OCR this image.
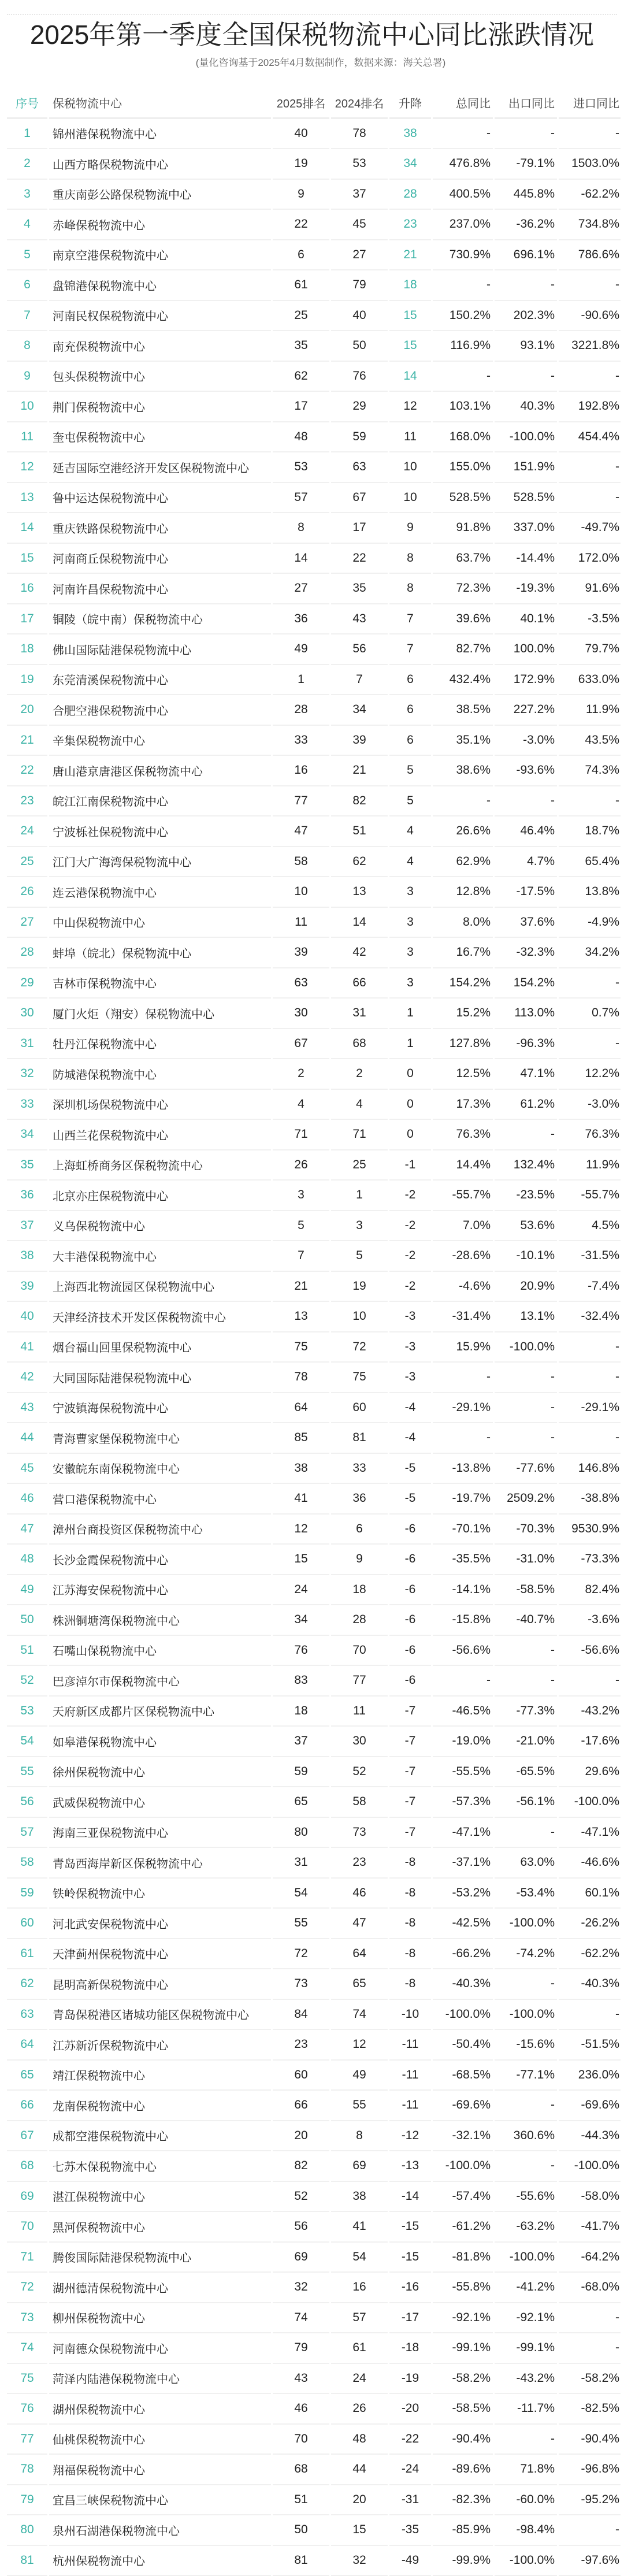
2025年第一季度全国保税物流中心同比涨跌情况
(量化咨询基于2025年4月数据制作，数据来源：海关总署)
序号	保税物流中心	2025排名 2024排名	升降	总同比	出口同比	进口同比
1	锦州港保税物流中心	40	78	38	-	-	-
2	山西方略保税物流中心	19	53	34	476.8%	-79.1%	1503.0%
3	重庆南彭公路保税物流中心	9	37	28	400.5%	445.8%	-62.2%
4	赤峰保税物流中心	22	45	23	237.0%	-36.2%	734.8%
5	南京空港保税物流中心	6	27	21	730.9%	696.1%	786.6%
6	盘锦港保税物流中心	61	79	18	-	-	-
7	河南民权保税物流中心	25	40	15	150.2%	202.3%	-90.6%
8	南充保税物流中心	35	50	15	116.9%	93.1%	3221.8%
9	包头保税物流中心	62	76	14	-	-	-
10	荆门保税物流中心	17	29	12	103.1%	40.3%	192.8%
11	奎屯保税物流中心	48	59	11	168.0%	-100.0%	454.4%
12	延吉国际空港经济开发区保税物流中心	53	63	10	155.0%	151.9%	-
13	鲁中运达保税物流中心	57	67	10	528.5%	528.5%	-
14	重庆铁路保税物流中心	8	17	9	91.8%	337.0%	-49.7%
15	河南商丘保税物流中心	14	22	8	63.7%	-14.4%	172.0%
16	河南许昌保税物流中心	27	35	8	72.3%	-19.3%	91.6%
17	铜陵（皖中南）保税物流中心	36	43	7	39.6%	40.1%	-3.5%
18	佛山国际陆港保税物流中心	49	56	7	82.7%	100.0%	79.7%
19	东莞清溪保税物流中心	1	7	6	432.4%	172.9%	633.0%
20	合肥空港保税物流中心	28	34	6	38.5%	227.2%	11.9%
21	辛集保税物流中心	33	39	6	35.1%	-3.0%	43.5%
22	唐山港京唐港区保税物流中心	16	21	5	38.6%	-93.6%	74.3%
23	皖江江南保税物流中心	77	82	5	-	-	-
24	宁波栎社保税物流中心	47	51	4	26.6%	46.4%	18.7%
25	江门大广海湾保税物流中心	58	62	4	62.9%	4.7%	65.4%
26	连云港保税物流中心	10	13	3	12.8%	-17.5%	13.8%
27	中山保税物流中心	11	14	3	8.0%	37.6%	-4.9%
28	蚌埠（皖北）保税物流中心	39	42	3	16.7%	-32.3%	34.2%
29	吉林市保税物流中心	63	66	3	154.2%	154.2%	-
30	厦门火炬（翔安）保税物流中心	30	31	1	15.2%	113.0%	0.7%
31	牡丹江保税物流中心	67	68	1	127.8%	-96.3%	-
32	防城港保税物流中心	2	2	0	12.5%	47.1%	12.2%
33	深圳机场保税物流中心	4	4	0	17.3%	61.2%	-3.0%
34	山西兰花保税物流中心	71	71	0	76.3%	-	76.3%
35	上海虹桥商务区保税物流中心	26	25	-1	14.4%	132.4%	11.9%
36	北京亦庄保税物流中心	3	1	-2	-55.7%	-23.5%	-55.7%
37	义乌保税物流中心	5	3	-2	7.0%	53.6%	4.5%
38	大丰港保税物流中心	7	5	-2	-28.6%	-10.1%	-31.5%
39	上海西北物流园区保税物流中心	21	19	-2	-4.6%	20.9%	-7.4%
40	天津经济技术开发区保税物流中心	13	10	-3	-31.4%	13.1%	-32.4%
41	烟台福山回里保税物流中心	75	72	-3	15.9%	-100.0%	-
42	大同国际陆港保税物流中心	78	75	-3	-	-	-
43	宁波镇海保税物流中心	64	60	-4	-29.1%	-	-29.1%
44	青海曹家堡保税物流中心	85	81	-4	-	-	-
45	安徽皖东南保税物流中心	38	33	-5	-13.8%	-77.6%	146.8%
46	营口港保税物流中心	41	36	-5	-19.7%	2509.2%	-38.8%
47	漳州台商投资区保税物流中心	12	6	-6	-70.1%	-70.3%	9530.9%
48	长沙金霞保税物流中心	15	9	-6	-35.5%	-31.0%	-73.3%
49	江苏海安保税物流中心	24	18	-6	-14.1%	-58.5%	82.4%
50	株洲铜塘湾保税物流中心	34	28	-6	-15.8%	-40.7%	-3.6%
51	石嘴山保税物流中心	76	70	-6	-56.6%	-	-56.6%
52	巴彦淖尔市保税物流中心	83	77	-6	-	-	-
53	天府新区成都片区保税物流中心	18	11	-7	-46.5%	-77.3%	-43.2%
54	如皋港保税物流中心	37	30	-7	-19.0%	-21.0%	-17.6%
55	徐州保税物流中心	59	52	-7	-55.5%	-65.5%	29.6%
56	武威保税物流中心	65	58	-7	-57.3%	-56.1%	-100.0%
57	海南三亚保税物流中心	80	73	-7	-47.1%	-	-47.1%
58	青岛西海岸新区保税物流中心	31	23	-8	-37.1%	63.0%	-46.6%
59	铁岭保税物流中心	54	46	-8	-53.2%	-53.4%	60.1%
60	河北武安保税物流中心	55	47	-8	-42.5%	-100.0%	-26.2%
61	天津蓟州保税物流中心	72	64	-8	-66.2%	-74.2%	-62.2%
62	昆明高新保税物流中心	73	65	-8	-40.3%	-	-40.3%
63	青岛保税港区诸城功能区保税物流中心	84	74	-10	-100.0%	-100.0%	-
64	江苏新沂保税物流中心	23	12	-11	-50.4%	-15.6%	-51.5%
65	靖江保税物流中心	60	49	-11	-68.5%	-77.1%	236.0%
66	龙南保税物流中心	66	55	-11	-69.6%	-	-69.6%
67	成都空港保税物流中心	20	8	-12	-32.1%	360.6%	-44.3%
68	七苏木保税物流中心	82	69	-13	-100.0%	-	-100.0%
69	湛江保税物流中心	52	38	-14	-57.4%	-55.6%	-58.0%
70	黑河保税物流中心	56	41	-15	-61.2%	-63.2%	-41.7%
71	腾俊国际陆港保税物流中心	69	54	-15	-81.8%	-100.0%	-64.2%
72	湖州德清保税物流中心	32	16	-16	-55.8%	-41.2%	-68.0%
73	柳州保税物流中心	74	57	-17	-92.1%	-92.1%	-
74	河南德众保税物流中心	79	61	-18	-99.1%	-99.1%	-
75	菏泽内陆港保税物流中心	43	24	-19	-58.2%	-43.2%	-58.2%
76	湖州保税物流中心	46	26	-20	-58.5%	-11.7%	-82.5%
77	仙桃保税物流中心	70	48	-22	-90.4%	-	-90.4%
78	翔福保税物流中心	68	44	-24	-89.6%	71.8%	-96.8%
79	宜昌三峡保税物流中心	51	20	-31	-82.3%	-60.0%	-95.2%
80	泉州石湖港保税物流中心	50	15	-35	-85.9%	-98.4%	-
81	杭州保税物流中心	81	32	-49	-99.9%	-100.0%	-97.6%
